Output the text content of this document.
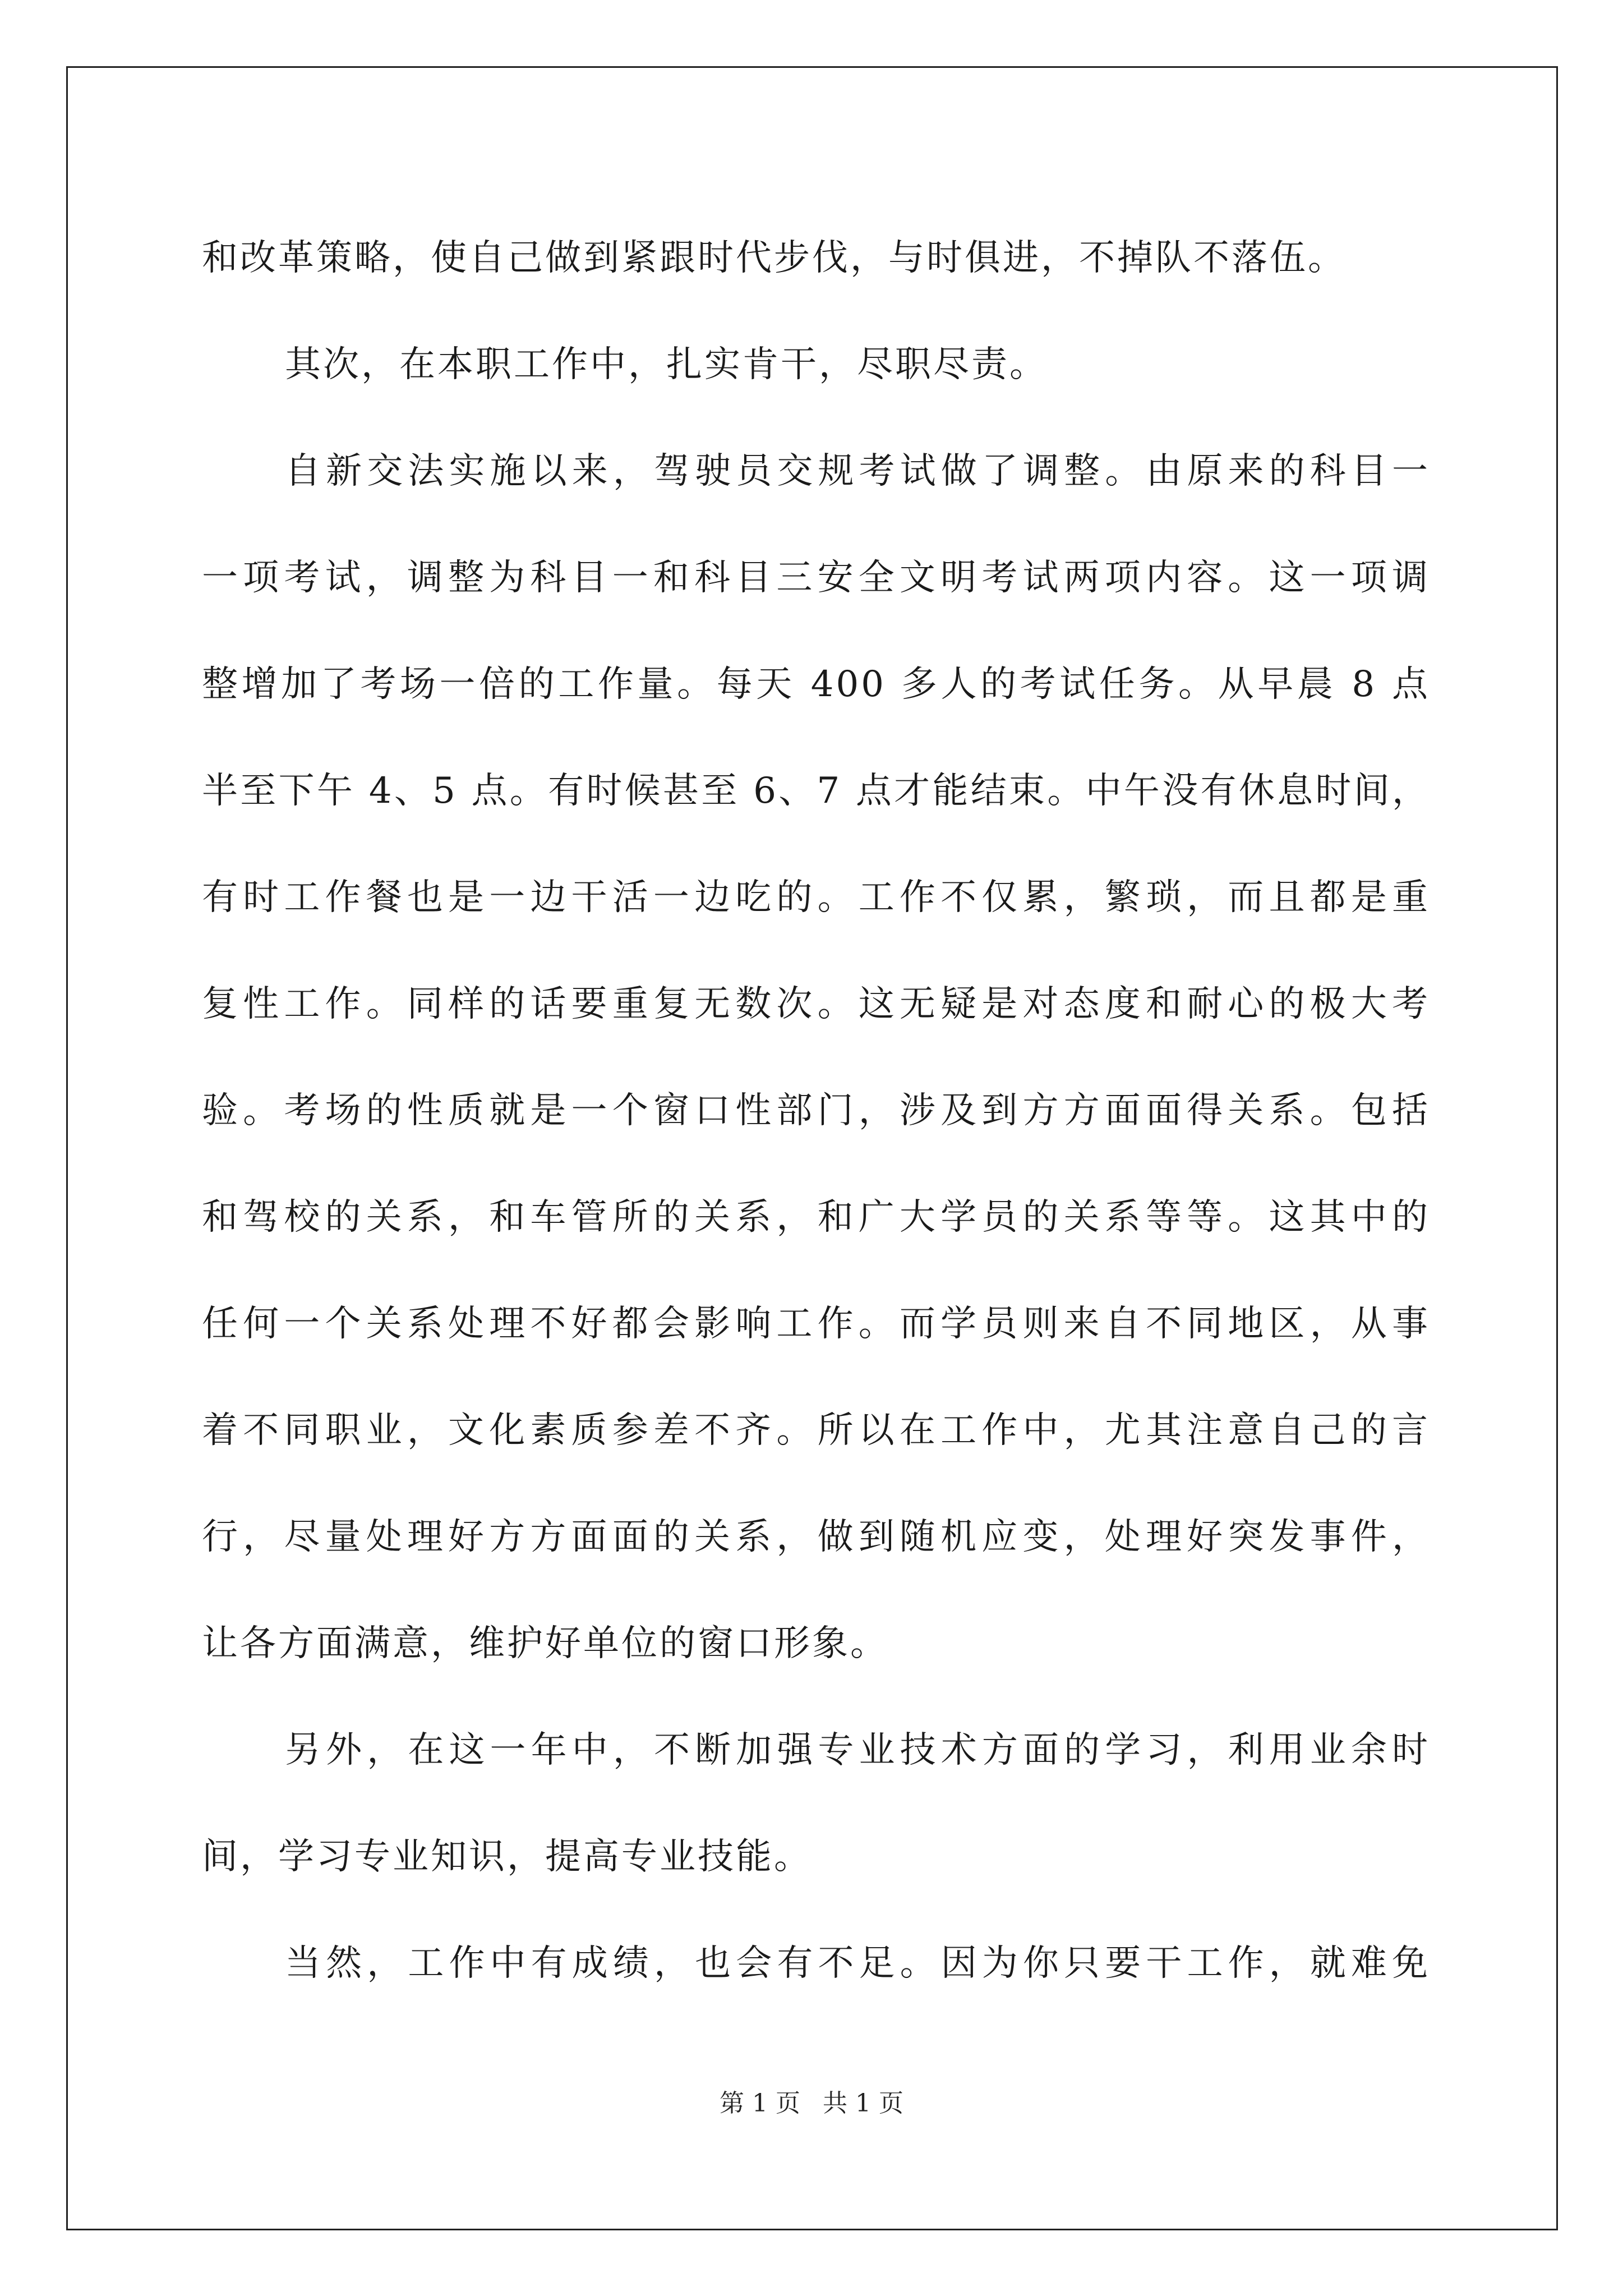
和改革策略，使自己做到紧跟时代步伐，与时俱进，不掉队不落伍。
其次，在本职工作中，扎实肯干，尽职尽责。
自新交法实施以来，驾驶员交规考试做了调整。由原来的科目一
一项考试，调整为科目一和科目三安全文明考试两项内容。这一项调
整增加了考场一倍的工作量。每天 400 多人的考试任务。从早晨 8 点
半至下午 4、5 点。有时候甚至 6、7 点才能结束。中午没有休息时间，
有时工作餐也是一边干活一边吃的。工作不仅累，繁琐，而且都是重
复性工作。同样的话要重复无数次。这无疑是对态度和耐心的极大考
验。考场的性质就是一个窗口性部门，涉及到方方面面得关系。包括
和驾校的关系，和车管所的关系，和广大学员的关系等等。这其中的
任何一个关系处理不好都会影响工作。而学员则来自不同地区，从事
着不同职业，文化素质参差不齐。所以在工作中，尤其注意自己的言
行，尽量处理好方方面面的关系，做到随机应变，处理好突发事件，
让各方面满意，维护好单位的窗口形象。
另外，在这一年中，不断加强专业技术方面的学习，利用业余时
间，学习专业知识，提高专业技能。
当然，工作中有成绩，也会有不足。因为你只要干工作，就难免
第 1 页 共 1 页
